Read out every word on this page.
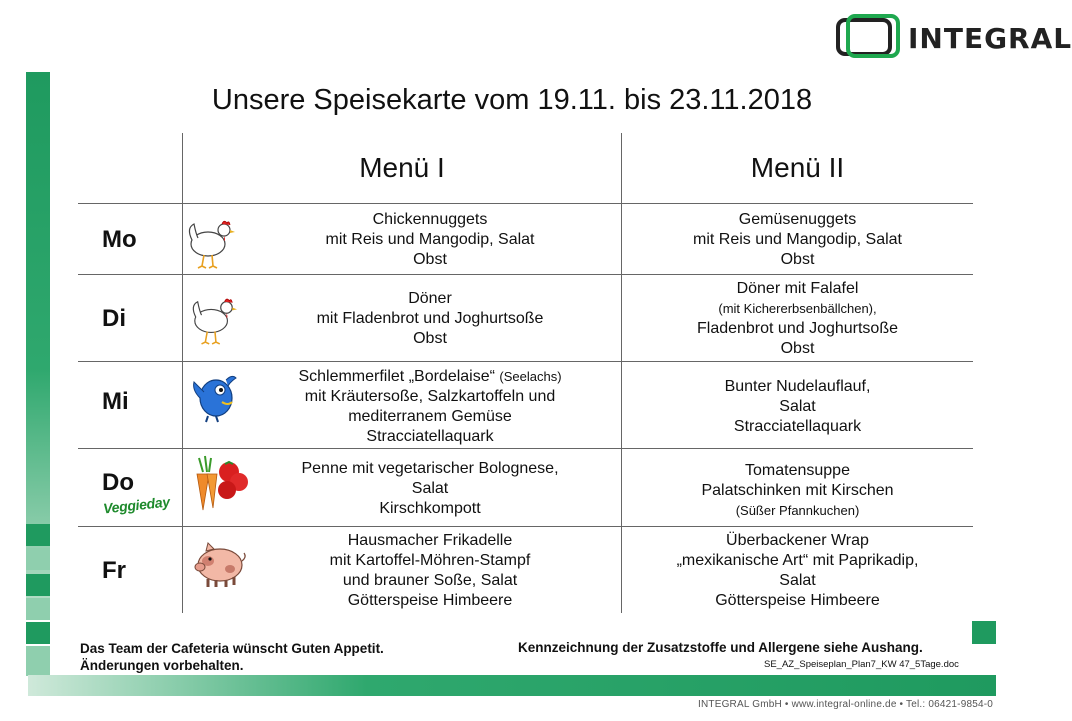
INTEGRAL
Unsere Speisekarte vom 19.11. bis 23.11.2018
Menü I	Menü II
Mo
Di
Mi
Do
Veggieday
Fr
Chickennuggets
mit Reis und Mangodip, Salat
Obst
Döner
mit Fladenbrot und Joghurtsoße
Obst
Schlemmerfilet „Bordelaise“ (Seelachs)
mit Kräutersoße, Salzkartoffeln und
mediterranem Gemüse
Stracciatellaquark
Penne mit vegetarischer Bolognese,
Salat
Kirschkompott
Hausmacher Frikadelle
mit Kartoffel-Möhren-Stampf
und brauner Soße, Salat
Götterspeise Himbeere
Gemüsenuggets
mit Reis und Mangodip, Salat
Obst
Döner mit Falafel
(mit Kichererbsenbällchen),
Fladenbrot und Joghurtsoße
Obst
Bunter Nudelauflauf,
Salat
Stracciatellaquark
Tomatensuppe
Palatschinken mit Kirschen
(Süßer Pfannkuchen)
Überbackener Wrap
„mexikanische Art“ mit Paprikadip,
Salat
Götterspeise Himbeere
Das Team der Cafeteria wünscht Guten Appetit.
Änderungen vorbehalten.
Kennzeichnung der Zusatzstoffe und Allergene siehe Aushang.
SE_AZ_Speiseplan_Plan7_KW 47_5Tage.doc
INTEGRAL GmbH • www.integral-online.de • Tel.: 06421-9854-0
